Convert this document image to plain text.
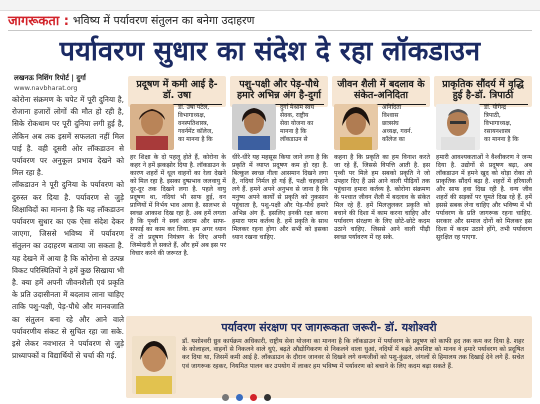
जागरूकता : भविष्य में पर्यावरण संतुलन का बनेगा उदाहरण
पर्यावरण सुधार का संदेश दे रहा लॉकडाउन
लखनऊ निशिंग रिपोर्ट | दुर्गा
www.navbharat.org
कोरोना संक्रमण के चपेट में पूरी दुनिया है, रोजाना हजारों लोगों की मौत हो रही है, सिके रोकथाम पर पूरी दुनिया लगी हुई है, लेकिन अब तक इसमें सफलता नहीं मिल पाई है. वही दूसरी ओर लॉकडाउन से पर्यावरण पर अनुकूल प्रभाव देखने को मिल रहा है.
लॉकडाउन ने पूरी दुनिया के पर्यावरण को दुरुस्त कर दिया है. पर्यावरण से जुड़े शिक्षाविदों का मानना है कि यह लॉकडाउन पर्यावरण सुधार का एक ऐसा संदेश देकर जाएगा, जिससे भविष्य में पर्यावरण संतुलन का उदाहरण बताया जा सकता है. यह देखने में आया है कि कोरोना से उत्पन्न विकट परिस्थितियों ने हमें कुछ सिखाया भी है. क्या हमें अपनी जीवनशैली एवं प्रकृति के प्रति उदासीनता में बदलाव लाना चाहिए ताकि पशु-पक्षी, पेड़-पौधे और मानवजाति का संतुलन बना रहे और आने वाले पर्यावरणीय संकट से सुचित रहा जा सके. इसे लेकर नवभारत ने पर्यावरण से जुड़े प्राध्यापकों व विद्यार्थियों से चर्चा की गई.
प्रदूषण में कमी आई है- डॉ. उषा
डॉ. उषा पटेल,
विभागाध्यक्ष,
वनस्पतिशास्त्र,
गवर्नमेंट कॉलेज,
का मानना है कि
हर शिक्षा के दो पहलू होते हैं, कोरोना के कहर ने हमें झकझोर दिया है. लॉकडाउन के कारण शहरों में धूल वाहनों का रेला देखने को मिल रहा है. इसका दुष्प्रभाव जलवायु में दूर-दूर तक दिखने लगा है. पहले वायु प्रदूषण था, नदियां भी साफ हुई, वन प्राणियों में निर्भय भाव आया है. सालभर से स्वच्छ आकाश दिख रहा है. अब हमें लगता है कि पृथ्वी ने स्वयं आराम और साफ-सफाई का काम कर लिया. हम अगर ध्यान दें तो प्रदूषण नियंत्रण के लिए अपनी जिम्मेदारी ले सकते हैं, और हमें अब इस पर विचार करने की जरूरत है.
पशु-पक्षी और पेड़-पौधे हमारे अभिन्न अंग है-दुर्गा
दुर्गा मेश्राम स्वयं
सेवक, राष्ट्रीय
सेवा योजना का
मानना है कि
लॉकडाउन से
धीरे-धीरे यह महसूस किया जाने लगा है कि प्रकृति में व्याप्त प्रदूषण कम हो रहा है. बिल्कुल स्वच्छ नीला आसमान दिखने लगा है, नदियां निर्मल हो गई हैं, पक्षी चहचहाने लगे हैं. हमने अपने अनुभव से जाना है कि मनुष्य अपने कार्यों से प्रकृति को नुकसान पहुंचाता है, पशु-पक्षी और पेड़-पौधे हमारे अभिन्न अंग हैं. इसलिए इनकी रक्षा करना हमारा परम कर्तव्य है. हमें प्रकृति के साथ मिलकर रहना होगा और सभी को इसका ध्यान रखना चाहिए.
जीवन शैली में बदलाव के संकेत-अनिदिता
अनिदिता
विश्वास
छात्रसंघ
अध्यक्ष, गवर्न.
कॉलेज का
कहना है कि प्रकृति का हम विनाश करते जा रहे हैं, जिससे विपत्ति आती है. इस पृथ्वी पर मिले हम सबको प्रकृति ने जो उपहार दिए हैं उसे आने वाली पीढ़ियों तक पहुंचाना हमारा कर्तव्य है. कोरोना संक्रमण के पश्चात जीवन शैली में बदलाव के संकेत मिल रहे हैं. हमें मिलजुलकर प्रकृति को बचाने की दिशा में काम करना चाहिए और पर्यावरण संरक्षण के लिए छोटे-छोटे कदम उठाने चाहिए. जिससे आने वाली पीढ़ी स्वच्छ पर्यावरण में रह सके.
प्राकृतिक सौंदर्य में वृद्धि हुई है-डॉ. त्रिपाठी
डॉ. योगेन्द्र
त्रिपाठी,
विभागाध्यक्ष,
रसायनशास्त्र
का मानना है कि
हमारी आवश्यकताओं ने वैश्वीकरण ने जन्म दिया है. उद्योगों से प्रदूषण बढ़ा, अब लॉकडाउन में हमने खुद को थोड़ा रोका तो प्राकृतिक सौंदर्य बढ़ा है. शहरों में हरियाली और साफ हवा दिख रही है. वन्य जीव शहरों की सड़कों पर घूमते दिख रहे हैं. हमें इससे सबक लेना चाहिए और भविष्य में भी पर्यावरण के प्रति जागरूक रहना चाहिए. सरकार और समाज दोनों को मिलकर इस दिशा में कदम उठाने होंगे, तभी पर्यावरण सुरक्षित रह पाएगा.
पर्यावरण संरक्षण पर जागरूकता जरूरी- डॉ. यशोश्वरी
डॉ. यशोश्वरी ध्रुव कार्यक्रम अधिकारी, राष्ट्रीय सेवा योजना का मानना है कि लॉकडाउन में पर्यावरण के प्रदूषण को काफी हद तक कम कर दिया है. शहर के कोलाहल, वाहनों से निकलने वाले धुएं, बढ़ते औद्योगिकरण से निकलने वाला धुआं, नदियों में बढ़ते अपशिष्ट को मानव ने हमारे पर्यावरण को प्रदूषित कर दिया था, जिसमें कमी आई है. लॉकडाउन के दौरान जानवर से दिखने लगे वन्यजीवों को पशु-कुंडल, जंगलों से हिमालय तक दिखाई देने लगे हैं. सचेत एवं जागरूक रहकर, नियमित पालन कर उपयोग में लाकर हम भविष्य में पर्यावरण को बचाने के लिए कदम बढ़ा सकते हैं.
